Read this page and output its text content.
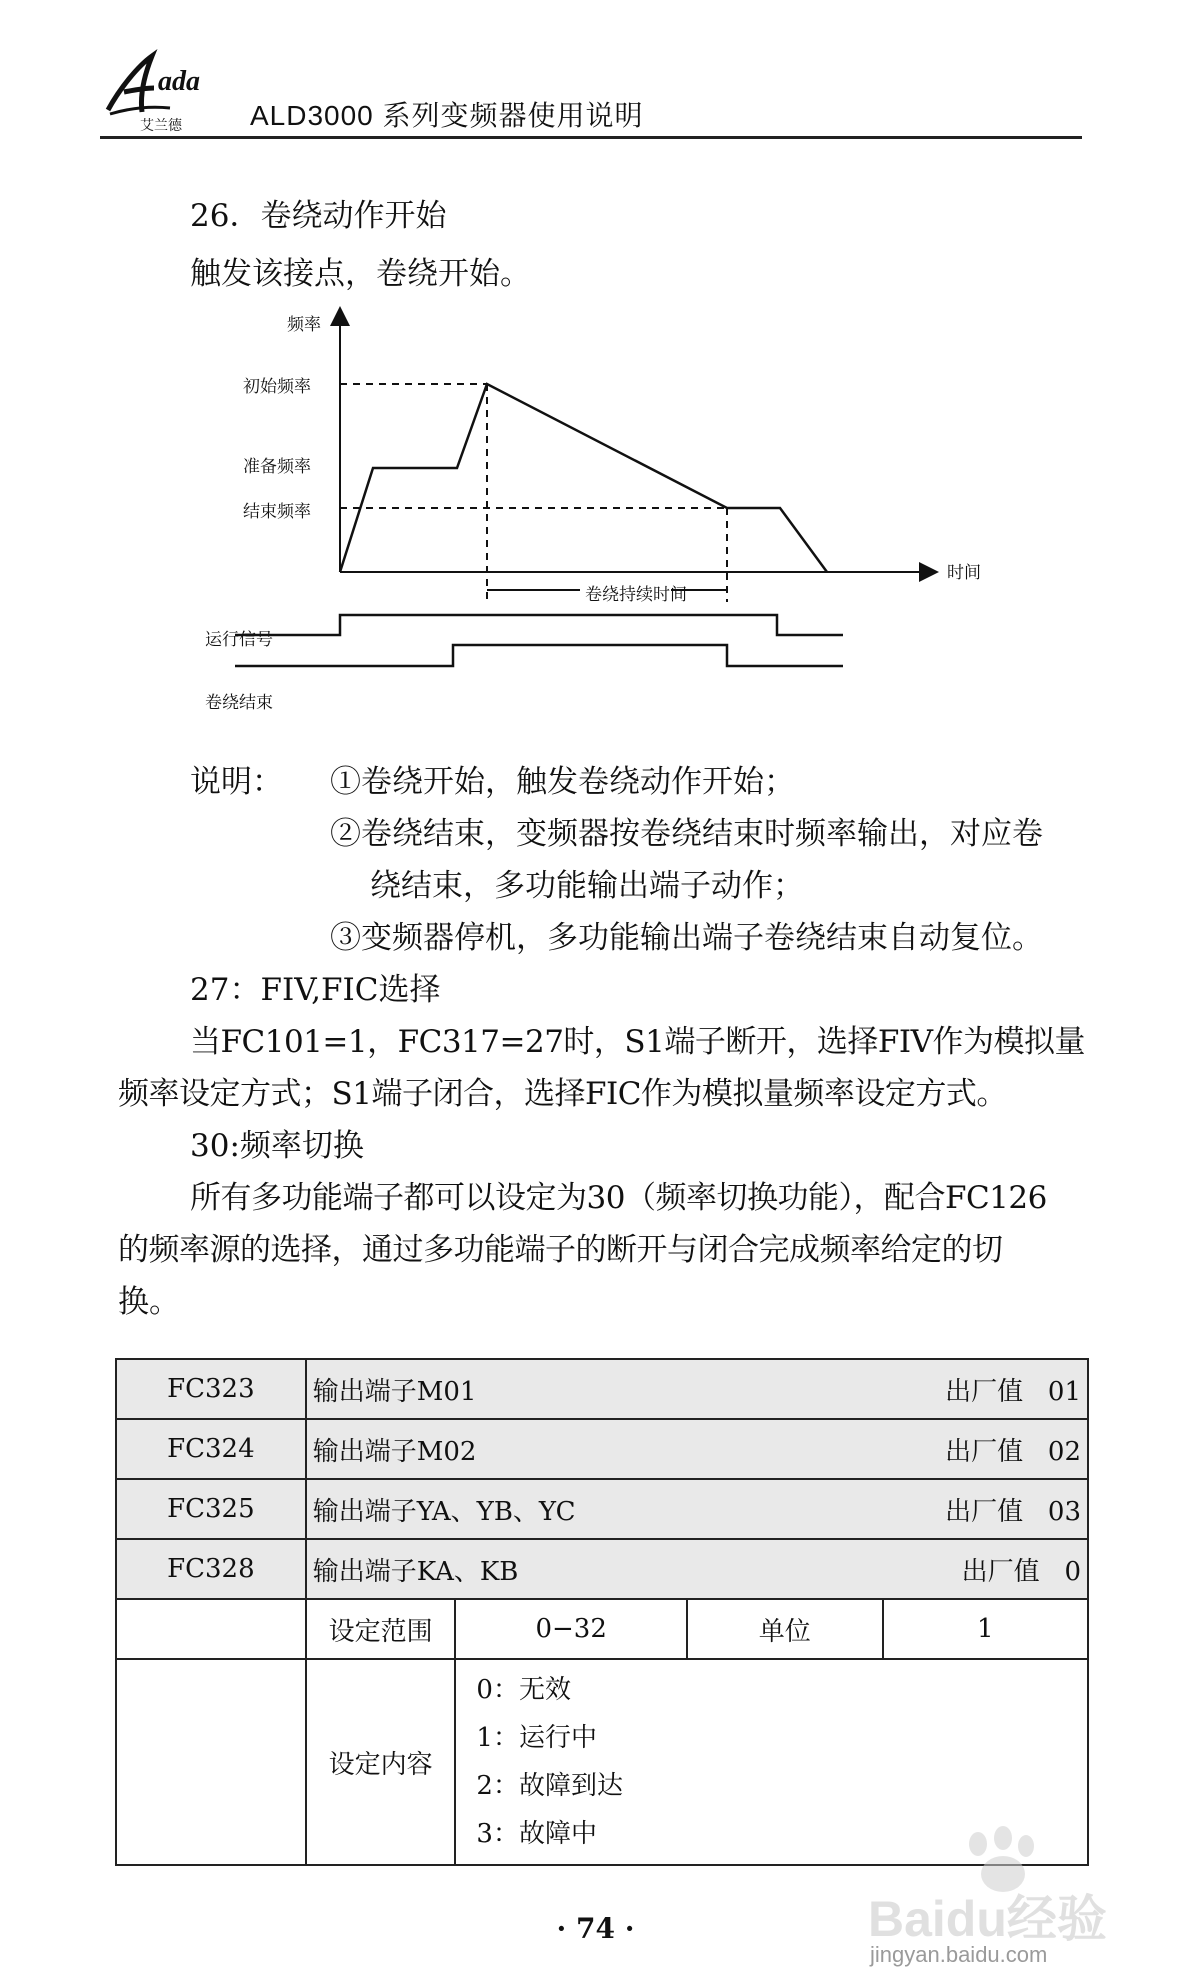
ada
艾兰德 ALD3000 系列变频器使用说明
26．卷绕动作开始
触发该接点，卷绕开始。
频率
初始频率
准备频率
结束频率
时间
卷绕持续时间
运行信号
卷绕结束
说明： ①卷绕开始，触发卷绕动作开始；
②卷绕结束，变频器按卷绕结束时频率输出，对应卷
绕结束，多功能输出端子动作；
③变频器停机，多功能输出端子卷绕结束自动复位。
27：FIV,FIC选择
当FC101=1，FC317=27时，S1端子断开，选择FIV作为模拟量
频率设定方式；S1端子闭合，选择FIC作为模拟量频率设定方式。
30:频率切换
所有多功能端子都可以设定为30（频率切换功能），配合FC126
的频率源的选择，通过多功能端子的断开与闭合完成频率给定的切
换。
FC323	输出端子M01 出厂值 01			

FC324	输出端子M02 出厂值 02			

FC325	输出端子YA、YB、YC 出厂值 03			

FC328	输出端子KA、KB 出厂值 0			

	设定范围	0−32	单位	1
	设定内容	0：无效
1：运行中
2：故障到达
3：故障中		
· 74 ·	Baidu经验
jingyan.baidu.com
